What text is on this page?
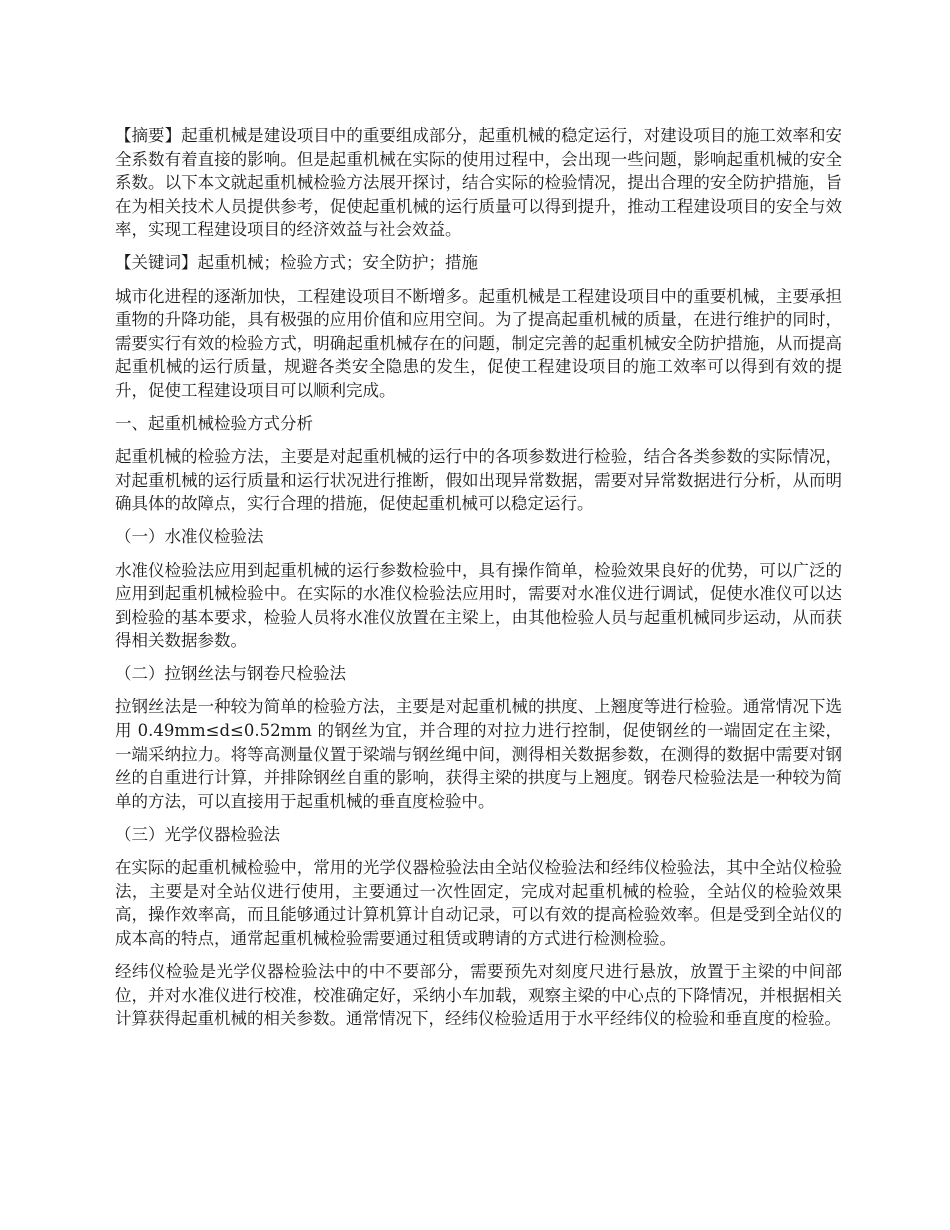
【摘要】起重机械是建设项目中的重要组成部分，起重机械的稳定运行，对建设项目的施工效率和安全系数有着直接的影响。但是起重机械在实际的使用过程中，会出现一些问题，影响起重机械的安全系数。以下本文就起重机械检验方法展开探讨，结合实际的检验情况，提出合理的安全防护措施，旨在为相关技术人员提供参考，促使起重机械的运行质量可以得到提升，推动工程建设项目的安全与效率，实现工程建设项目的经济效益与社会效益。

【关键词】起重机械；检验方式；安全防护；措施

城市化进程的逐渐加快，工程建设项目不断增多。起重机械是工程建设项目中的重要机械，主要承担重物的升降功能，具有极强的应用价值和应用空间。为了提高起重机械的质量，在进行维护的同时，需要实行有效的检验方式，明确起重机械存在的问题，制定完善的起重机械安全防护措施，从而提高起重机械的运行质量，规避各类安全隐患的发生，促使工程建设项目的施工效率可以得到有效的提升，促使工程建设项目可以顺利完成。

一、起重机械检验方式分析

起重机械的检验方法，主要是对起重机械的运行中的各项参数进行检验，结合各类参数的实际情况，对起重机械的运行质量和运行状况进行推断，假如出现异常数据，需要对异常数据进行分析，从而明确具体的故障点，实行合理的措施，促使起重机械可以稳定运行。

（一）水准仪检验法

水准仪检验法应用到起重机械的运行参数检验中，具有操作简单，检验效果良好的优势，可以广泛的应用到起重机械检验中。在实际的水准仪检验法应用时，需要对水准仪进行调试，促使水准仪可以达到检验的基本要求，检验人员将水准仪放置在主梁上，由其他检验人员与起重机械同步运动，从而获得相关数据参数。

（二）拉钢丝法与钢卷尺检验法

拉钢丝法是一种较为简单的检验方法，主要是对起重机械的拱度、上翘度等进行检验。通常情况下选用 0.49mm≤d≤0.52mm 的钢丝为宜，并合理的对拉力进行控制，促使钢丝的一端固定在主梁，一端采纳拉力。将等高测量仪置于梁端与钢丝绳中间，测得相关数据参数，在测得的数据中需要对钢丝的自重进行计算，并排除钢丝自重的影响，获得主梁的拱度与上翘度。钢卷尺检验法是一种较为简单的方法，可以直接用于起重机械的垂直度检验中。

（三）光学仪器检验法

在实际的起重机械检验中，常用的光学仪器检验法由全站仪检验法和经纬仪检验法，其中全站仪检验法，主要是对全站仪进行使用，主要通过一次性固定，完成对起重机械的检验，全站仪的检验效果高，操作效率高，而且能够通过计算机算计自动记录，可以有效的提高检验效率。但是受到全站仪的成本高的特点，通常起重机械检验需要通过租赁或聘请的方式进行检测检验。

经纬仪检验是光学仪器检验法中的中不要部分，需要预先对刻度尺进行悬放，放置于主梁的中间部位，并对水准仪进行校准，校准确定好，采纳小车加载，观察主梁的中心点的下降情况，并根据相关计算获得起重机械的相关参数。通常情况下，经纬仪检验适用于水平经纬仪的检验和垂直度的检验。
